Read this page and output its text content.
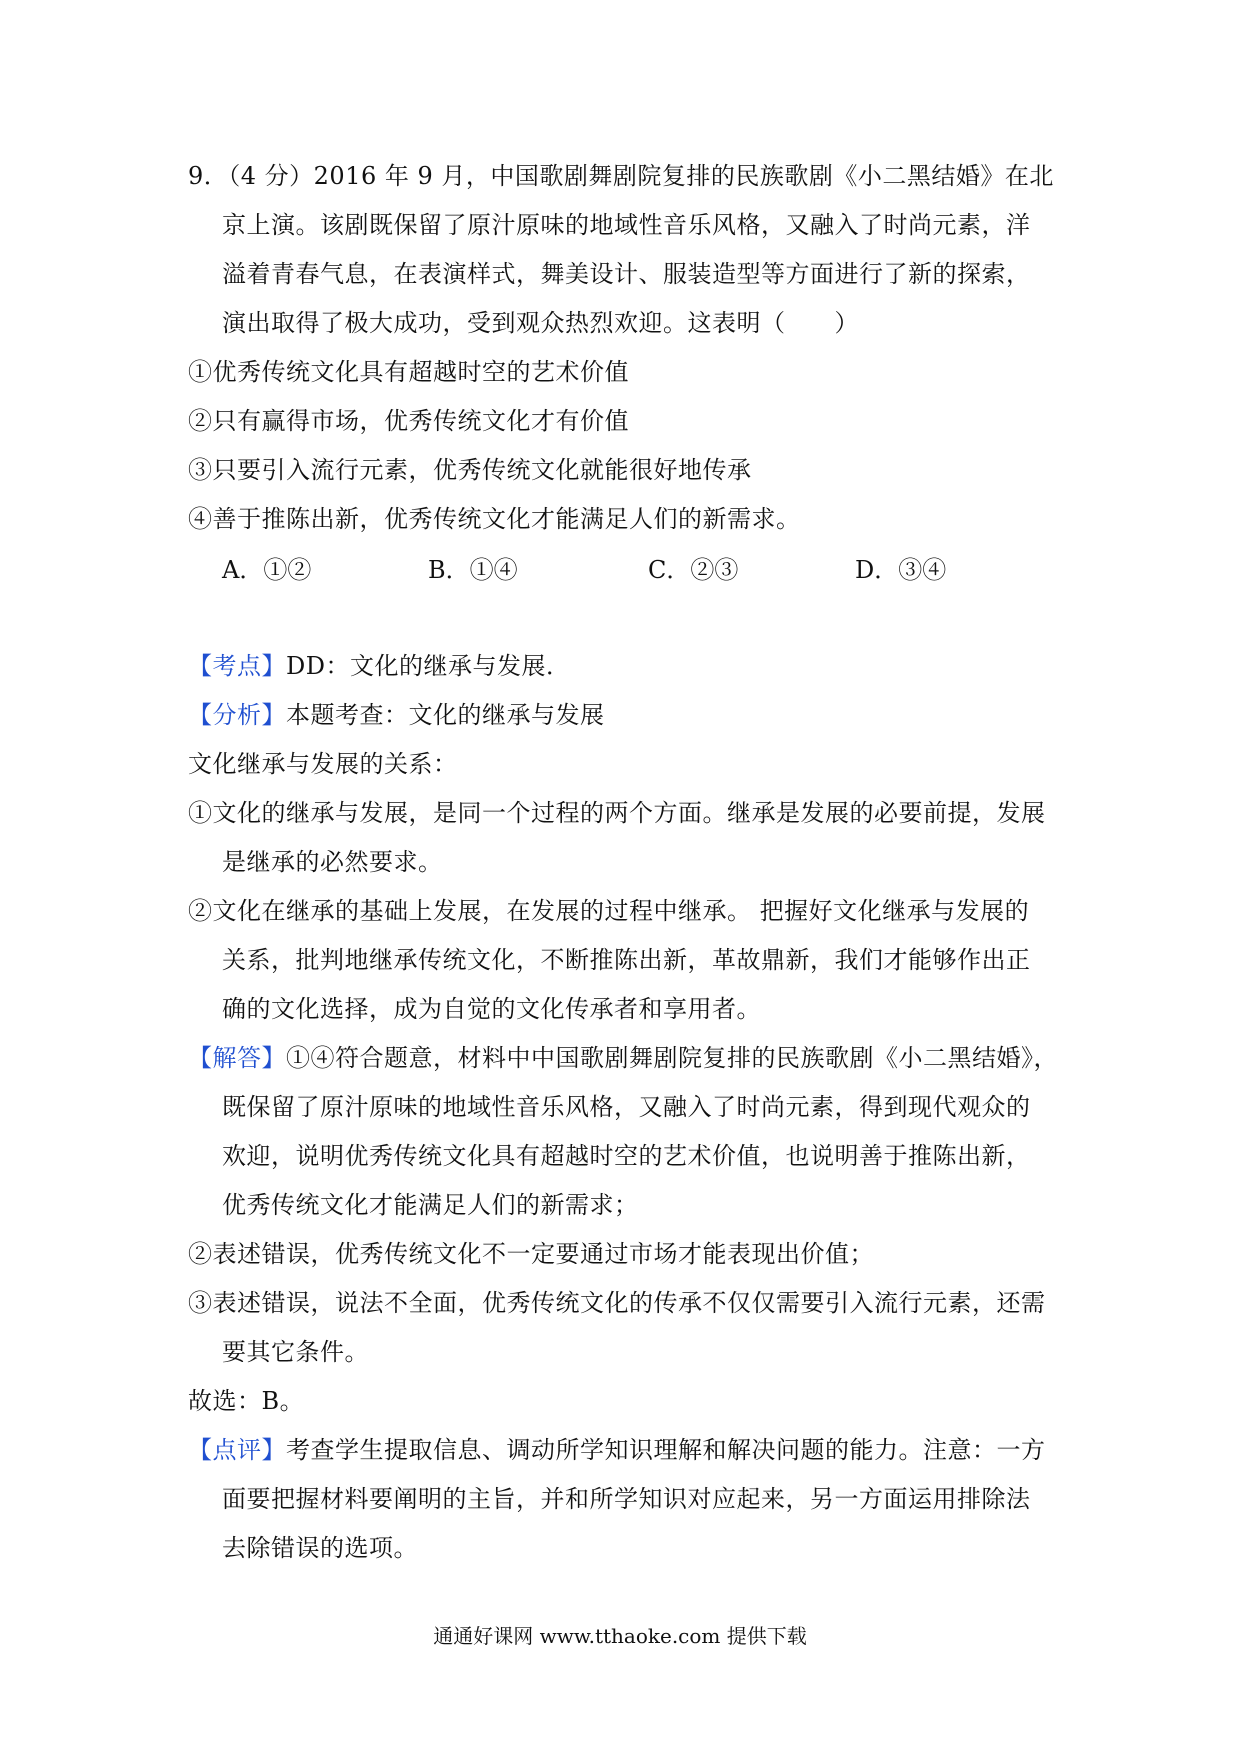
9．（4 分）2016 年 9 月，中国歌剧舞剧院复排的民族歌剧《小二黑结婚》在北
京上演。该剧既保留了原汁原味的地域性音乐风格，又融入了时尚元素，洋
溢着青春气息，在表演样式，舞美设计、服装造型等方面进行了新的探索，
演出取得了极大成功，受到观众热烈欢迎。这表明（　　）
①优秀传统文化具有超越时空的艺术价值
②只有赢得市场，优秀传统文化才有价值
③只要引入流行元素，优秀传统文化就能很好地传承
④善于推陈出新，优秀传统文化才能满足人们的新需求。
A．①②	B．①④	C．②③	D．③④
【考点】DD：文化的继承与发展．
【分析】本题考查：文化的继承与发展
文化继承与发展的关系：
①文化的继承与发展，是同一个过程的两个方面。继承是发展的必要前提，发展
是继承的必然要求。
②文化在继承的基础上发展，在发展的过程中继承。 把握好文化继承与发展的
关系，批判地继承传统文化，不断推陈出新，革故鼎新，我们才能够作出正
确的文化选择，成为自觉的文化传承者和享用者。
【解答】①④符合题意，材料中中国歌剧舞剧院复排的民族歌剧《小二黑结婚》，
既保留了原汁原味的地域性音乐风格，又融入了时尚元素，得到现代观众的
欢迎，说明优秀传统文化具有超越时空的艺术价值，也说明善于推陈出新，
优秀传统文化才能满足人们的新需求；
②表述错误，优秀传统文化不一定要通过市场才能表现出价值；
③表述错误，说法不全面，优秀传统文化的传承不仅仅需要引入流行元素，还需
要其它条件。
故选：B。
【点评】考查学生提取信息、调动所学知识理解和解决问题的能力。注意：一方
面要把握材料要阐明的主旨，并和所学知识对应起来，另一方面运用排除法
去除错误的选项。
通通好课网 www.tthaoke.com 提供下载
